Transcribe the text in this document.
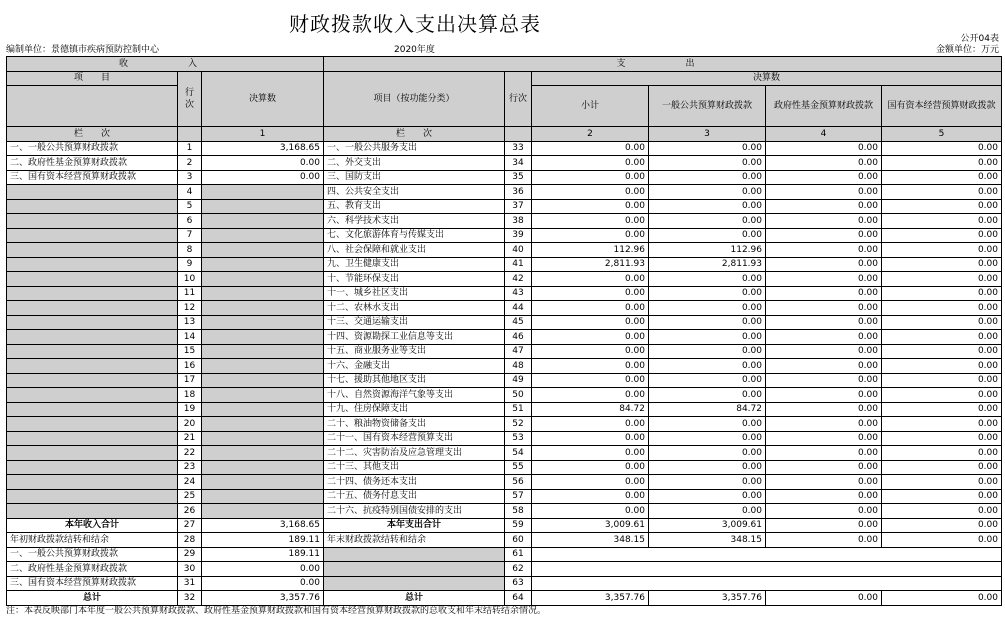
财政拨款收入支出决算总表
公开04表
编制单位：景德镇市疾病预防控制中心	2020年度	金额单位：万元
收　　入			支　　出					
项　　目	行次	决算数	项目（按功能分类）	行次	决算数			
					小计	一般公共预算财政拨款	政府性基金预算财政拨款	国有资本经营预算财政拨款
栏　　次		1	栏　　次		2	3	4	5
一、一般公共预算财政拨款	1	3,168.65	一、一般公共服务支出	33	0.00	0.00	0.00	0.00
二、政府性基金预算财政拨款	2	0.00	二、外交支出	34	0.00	0.00	0.00	0.00
三、国有资本经营预算财政拨款	3	0.00	三、国防支出	35	0.00	0.00	0.00	0.00
	4		四、公共安全支出	36	0.00	0.00	0.00	0.00
	5		五、教育支出	37	0.00	0.00	0.00	0.00
	6		六、科学技术支出	38	0.00	0.00	0.00	0.00
	7		七、文化旅游体育与传媒支出	39	0.00	0.00	0.00	0.00
	8		八、社会保障和就业支出	40	112.96	112.96	0.00	0.00
	9		九、卫生健康支出	41	2,811.93	2,811.93	0.00	0.00
	10		十、节能环保支出	42	0.00	0.00	0.00	0.00
	11		十一、城乡社区支出	43	0.00	0.00	0.00	0.00
	12		十二、农林水支出	44	0.00	0.00	0.00	0.00
	13		十三、交通运输支出	45	0.00	0.00	0.00	0.00
	14		十四、资源勘探工业信息等支出	46	0.00	0.00	0.00	0.00
	15		十五、商业服务业等支出	47	0.00	0.00	0.00	0.00
	16		十六、金融支出	48	0.00	0.00	0.00	0.00
	17		十七、援助其他地区支出	49	0.00	0.00	0.00	0.00
	18		十八、自然资源海洋气象等支出	50	0.00	0.00	0.00	0.00
	19		十九、住房保障支出	51	84.72	84.72	0.00	0.00
	20		二十、粮油物资储备支出	52	0.00	0.00	0.00	0.00
	21		二十一、国有资本经营预算支出	53	0.00	0.00	0.00	0.00
	22		二十二、灾害防治及应急管理支出	54	0.00	0.00	0.00	0.00
	23		二十三、其他支出	55	0.00	0.00	0.00	0.00
	24		二十四、债务还本支出	56	0.00	0.00	0.00	0.00
	25		二十五、债务付息支出	57	0.00	0.00	0.00	0.00
	26		二十六、抗疫特别国债安排的支出	58	0.00	0.00	0.00	0.00
本年收入合计	27	3,168.65	本年支出合计	59	3,009.61	3,009.61	0.00	0.00
年初财政拨款结转和结余	28	189.11	年末财政拨款结转和结余	60	348.15	348.15	0.00	0.00
一、一般公共预算财政拨款	29	189.11		61				
二、政府性基金预算财政拨款	30	0.00		62				
三、国有资本经营预算财政拨款	31	0.00		63				
总计	32	3,357.76	总计	64	3,357.76	3,357.76	0.00	0.00
注：本表反映部门本年度一般公共预算财政拨款、政府性基金预算财政拨款和国有资本经营预算财政拨款的总收支和年末结转结余情况。
